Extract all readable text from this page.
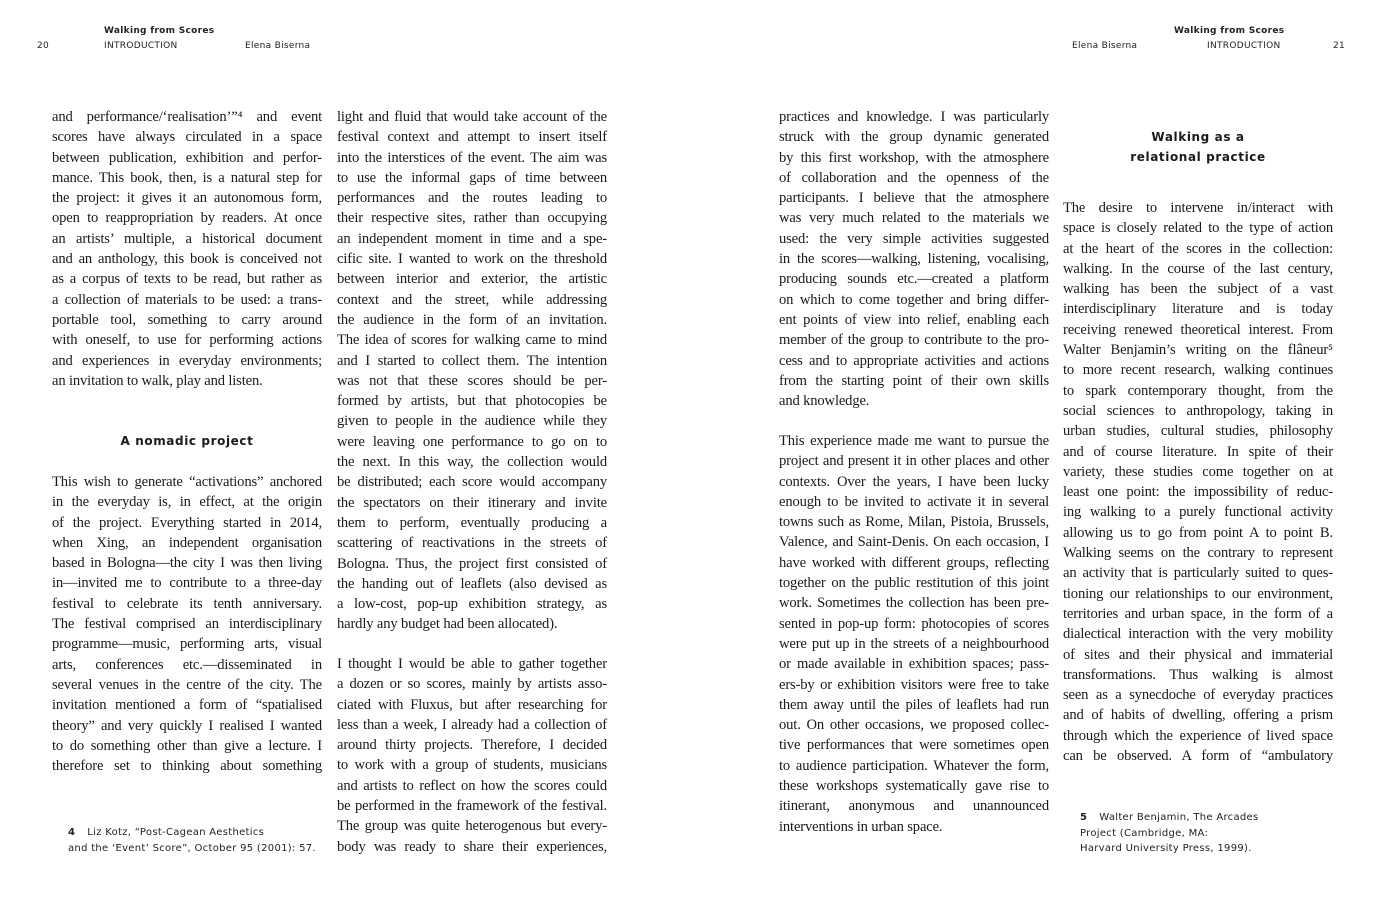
20
Walking from Scores
INTRODUCTION	Elena Biserna
and performance/‘realisation’”⁴ and event
scores have always circulated in a space
between publication, exhibition and perfor-
mance. This book, then, is a natural step for
the project: it gives it an autonomous form,
open to reappropriation by readers. At once
an artists’ multiple, a historical document
and an anthology, this book is conceived not
as a corpus of texts to be read, but rather as
a collection of materials to be used: a trans-
portable tool, something to carry around
with oneself, to use for performing actions
and experiences in everyday environments;
an invitation to walk, play and listen.
A nomadic project
This wish to generate “activations” anchored
in the everyday is, in effect, at the origin
of the project. Everything started in 2014,
when Xing, an independent organisation
based in Bologna—the city I was then living
in—invited me to contribute to a three-day
festival to celebrate its tenth anniversary.
The festival comprised an interdisciplinary
programme—music, performing arts, visual
arts, conferences etc.—disseminated in
several venues in the centre of the city. The
invitation mentioned a form of “spatialised
theory” and very quickly I realised I wanted
to do something other than give a lecture. I
therefore set to thinking about something
light and fluid that would take account of the
festival context and attempt to insert itself
into the interstices of the event. The aim was
to use the informal gaps of time between
performances and the routes leading to
their respective sites, rather than occupying
an independent moment in time and a spe-
cific site. I wanted to work on the threshold
between interior and exterior, the artistic
context and the street, while addressing
the audience in the form of an invitation.
The idea of scores for walking came to mind
and I started to collect them. The intention
was not that these scores should be per-
formed by artists, but that photocopies be
given to people in the audience while they
were leaving one performance to go on to
the next. In this way, the collection would
be distributed; each score would accompany
the spectators on their itinerary and invite
them to perform, eventually producing a
scattering of reactivations in the streets of
Bologna. Thus, the project first consisted of
the handing out of leaflets (also devised as
a low-cost, pop-up exhibition strategy, as
hardly any budget had been allocated).
I thought I would be able to gather together
a dozen or so scores, mainly by artists asso-
ciated with Fluxus, but after researching for
less than a week, I already had a collection of
around thirty projects. Therefore, I decided
to work with a group of students, musicians
and artists to reflect on how the scores could
be performed in the framework of the festival.
The group was quite heterogenous but every-
body was ready to share their experiences,
4 Liz Kotz, “Post-Cagean Aesthetics
and the ‘Event’ Score”, October 95 (2001): 57.
Elena Biserna
Walking from Scores
INTRODUCTION	21
practices and knowledge. I was particularly
struck with the group dynamic generated
by this first workshop, with the atmosphere
of collaboration and the openness of the
participants. I believe that the atmosphere
was very much related to the materials we
used: the very simple activities suggested
in the scores—walking, listening, vocalising,
producing sounds etc.—created a platform
on which to come together and bring differ-
ent points of view into relief, enabling each
member of the group to contribute to the pro-
cess and to appropriate activities and actions
from the starting point of their own skills
and knowledge.
This experience made me want to pursue the
project and present it in other places and other
contexts. Over the years, I have been lucky
enough to be invited to activate it in several
towns such as Rome, Milan, Pistoia, Brussels,
Valence, and Saint-Denis. On each occasion, I
have worked with different groups, reflecting
together on the public restitution of this joint
work. Sometimes the collection has been pre-
sented in pop-up form: photocopies of scores
were put up in the streets of a neighbourhood
or made available in exhibition spaces; pass-
ers-by or exhibition visitors were free to take
them away until the piles of leaflets had run
out. On other occasions, we proposed collec-
tive performances that were sometimes open
to audience participation. Whatever the form,
these workshops systematically gave rise to
itinerant, anonymous and unannounced
interventions in urban space.
Walking as a
relational practice
The desire to intervene in/interact with
space is closely related to the type of action
at the heart of the scores in the collection:
walking. In the course of the last century,
walking has been the subject of a vast
interdisciplinary literature and is today
receiving renewed theoretical interest. From
Walter Benjamin’s writing on the flâneur⁵
to more recent research, walking continues
to spark contemporary thought, from the
social sciences to anthropology, taking in
urban studies, cultural studies, philosophy
and of course literature. In spite of their
variety, these studies come together on at
least one point: the impossibility of reduc-
ing walking to a purely functional activity
allowing us to go from point A to point B.
Walking seems on the contrary to represent
an activity that is particularly suited to ques-
tioning our relationships to our environment,
territories and urban space, in the form of a
dialectical interaction with the very mobility
of sites and their physical and immaterial
transformations. Thus walking is almost
seen as a synecdoche of everyday practices
and of habits of dwelling, offering a prism
through which the experience of lived space
can be observed. A form of “ambulatory
5 Walter Benjamin, The Arcades
Project (Cambridge, MA:
Harvard University Press, 1999).
